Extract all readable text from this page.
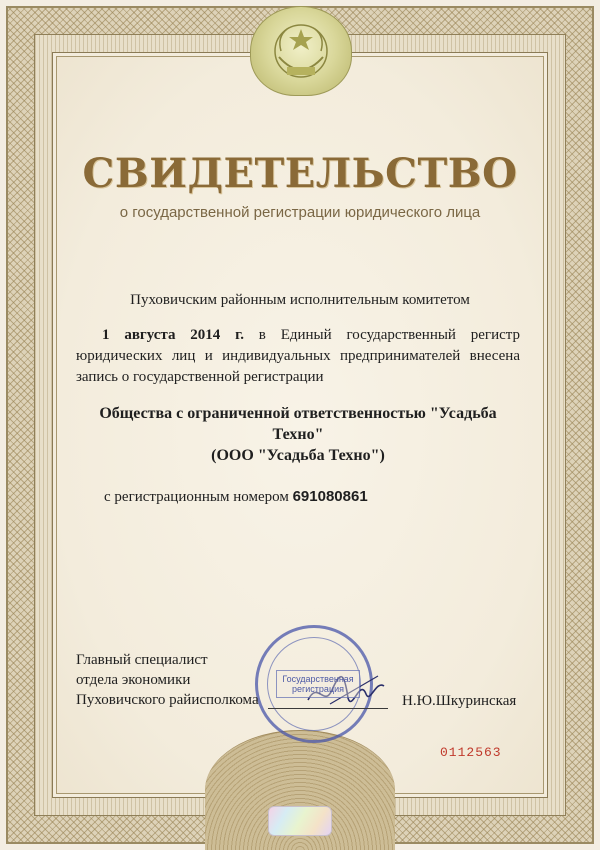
СВИДЕТЕЛЬСТВО
о государственной регистрации юридического лица
Пуховичским районным исполнительным комитетом
1 августа 2014 г. в Единый государственный регистр юридических лиц и индивидуальных предпринимателей внесена запись о государственной регистрации
Общества с ограниченной ответственностью "Усадьба Техно"
(ООО "Усадьба Техно")
с регистрационным номером 691080861
Государственная
регистрация
Главный специалист
отдела экономики
Пуховичского райисполкома	Н.Ю.Шкуринская
0112563
